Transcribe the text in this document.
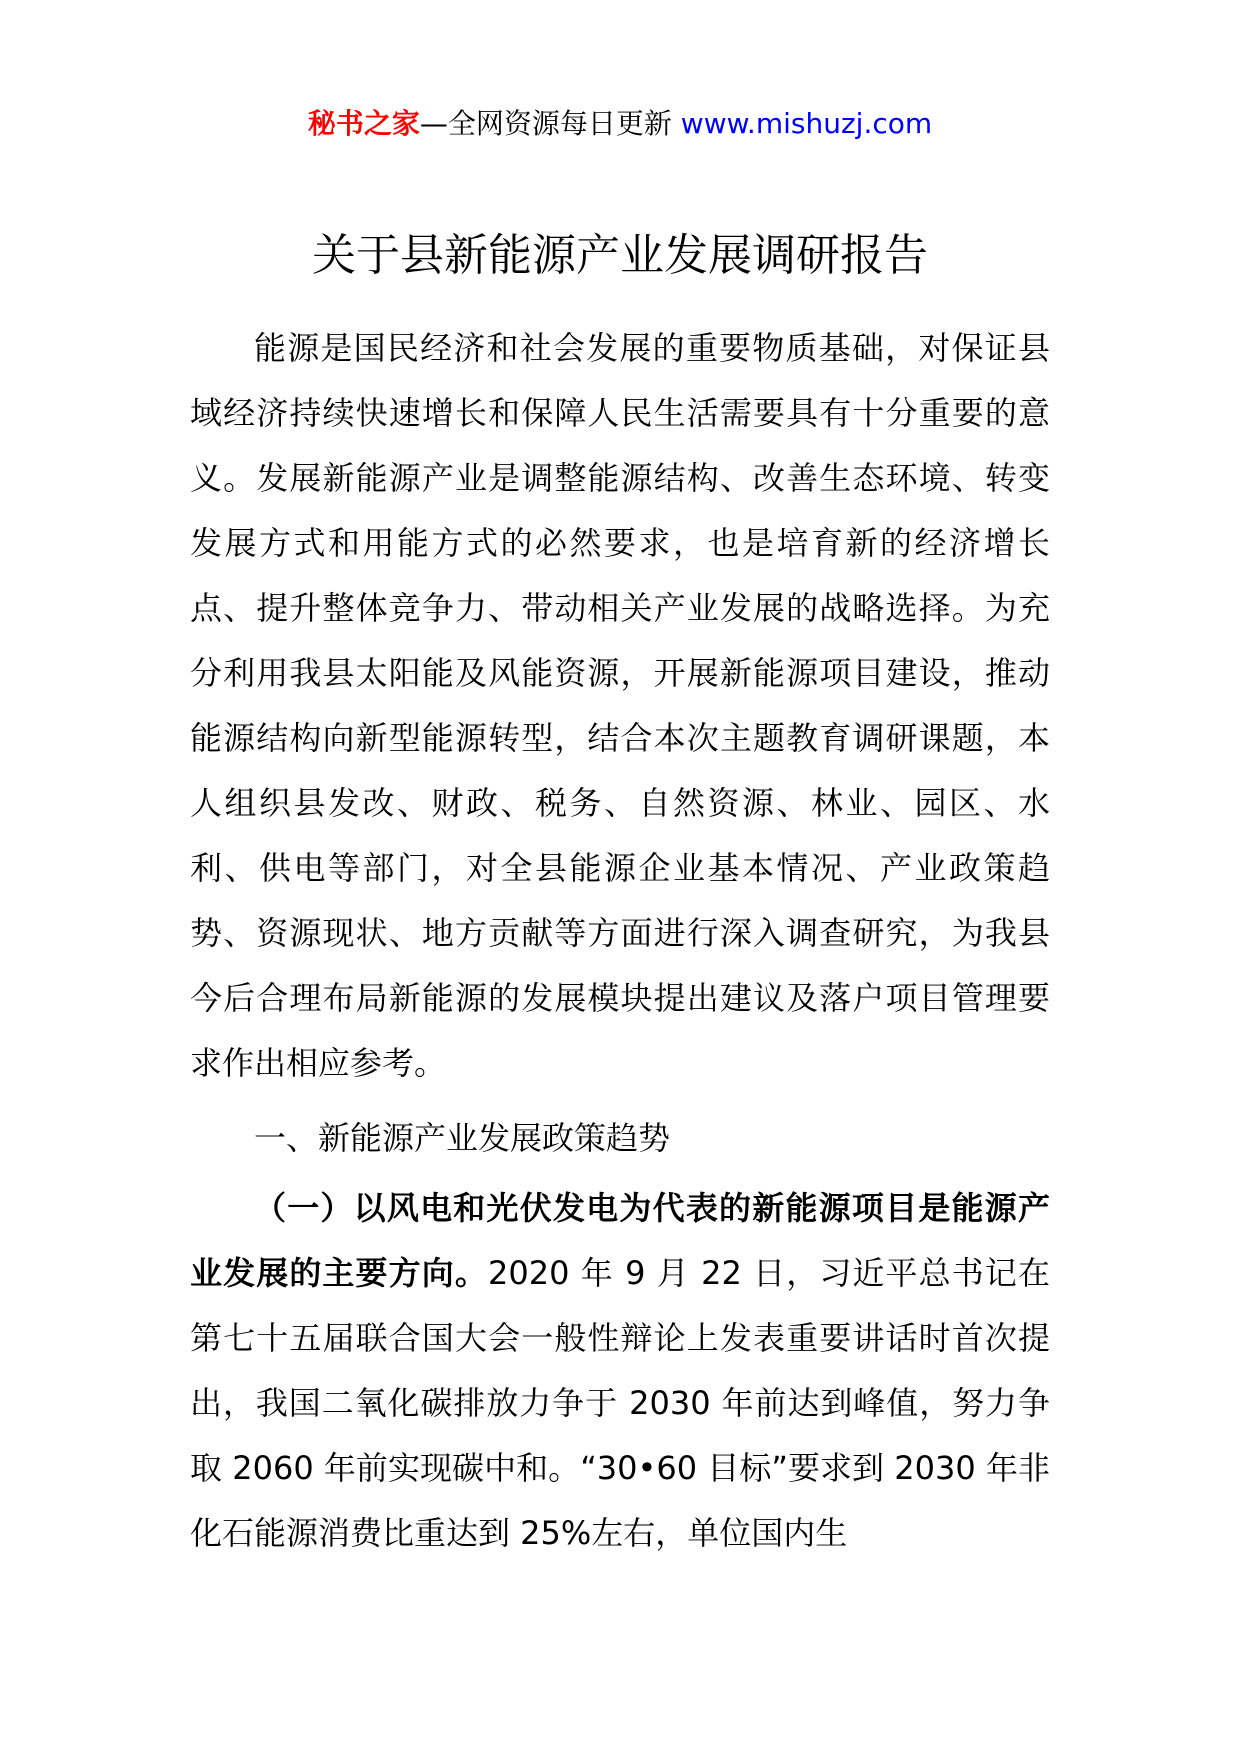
秘书之家—全网资源每日更新 www.mishuzj.com
关于县新能源产业发展调研报告

能源是国民经济和社会发展的重要物质基础，对保证县域经济持续快速增长和保障人民生活需要具有十分重要的意义。发展新能源产业是调整能源结构、改善生态环境、转变发展方式和用能方式的必然要求，也是培育新的经济增长点、提升整体竞争力、带动相关产业发展的战略选择。为充分利用我县太阳能及风能资源，开展新能源项目建设，推动能源结构向新型能源转型，结合本次主题教育调研课题，本人组织县发改、财政、税务、自然资源、林业、园区、水利、供电等部门，对全县能源企业基本情况、产业政策趋势、资源现状、地方贡献等方面进行深入调查研究，为我县今后合理布局新能源的发展模块提出建议及落户项目管理要求作出相应参考。

一、新能源产业发展政策趋势

（一）以风电和光伏发电为代表的新能源项目是能源产业发展的主要方向。2020 年 9 月 22 日，习近平总书记在第七十五届联合国大会一般性辩论上发表重要讲话时首次提出，我国二氧化碳排放力争于 2030 年前达到峰值，努力争取 2060 年前实现碳中和。“30•60 目标”要求到 2030 年非化石能源消费比重达到 25%左右，单位国内生
